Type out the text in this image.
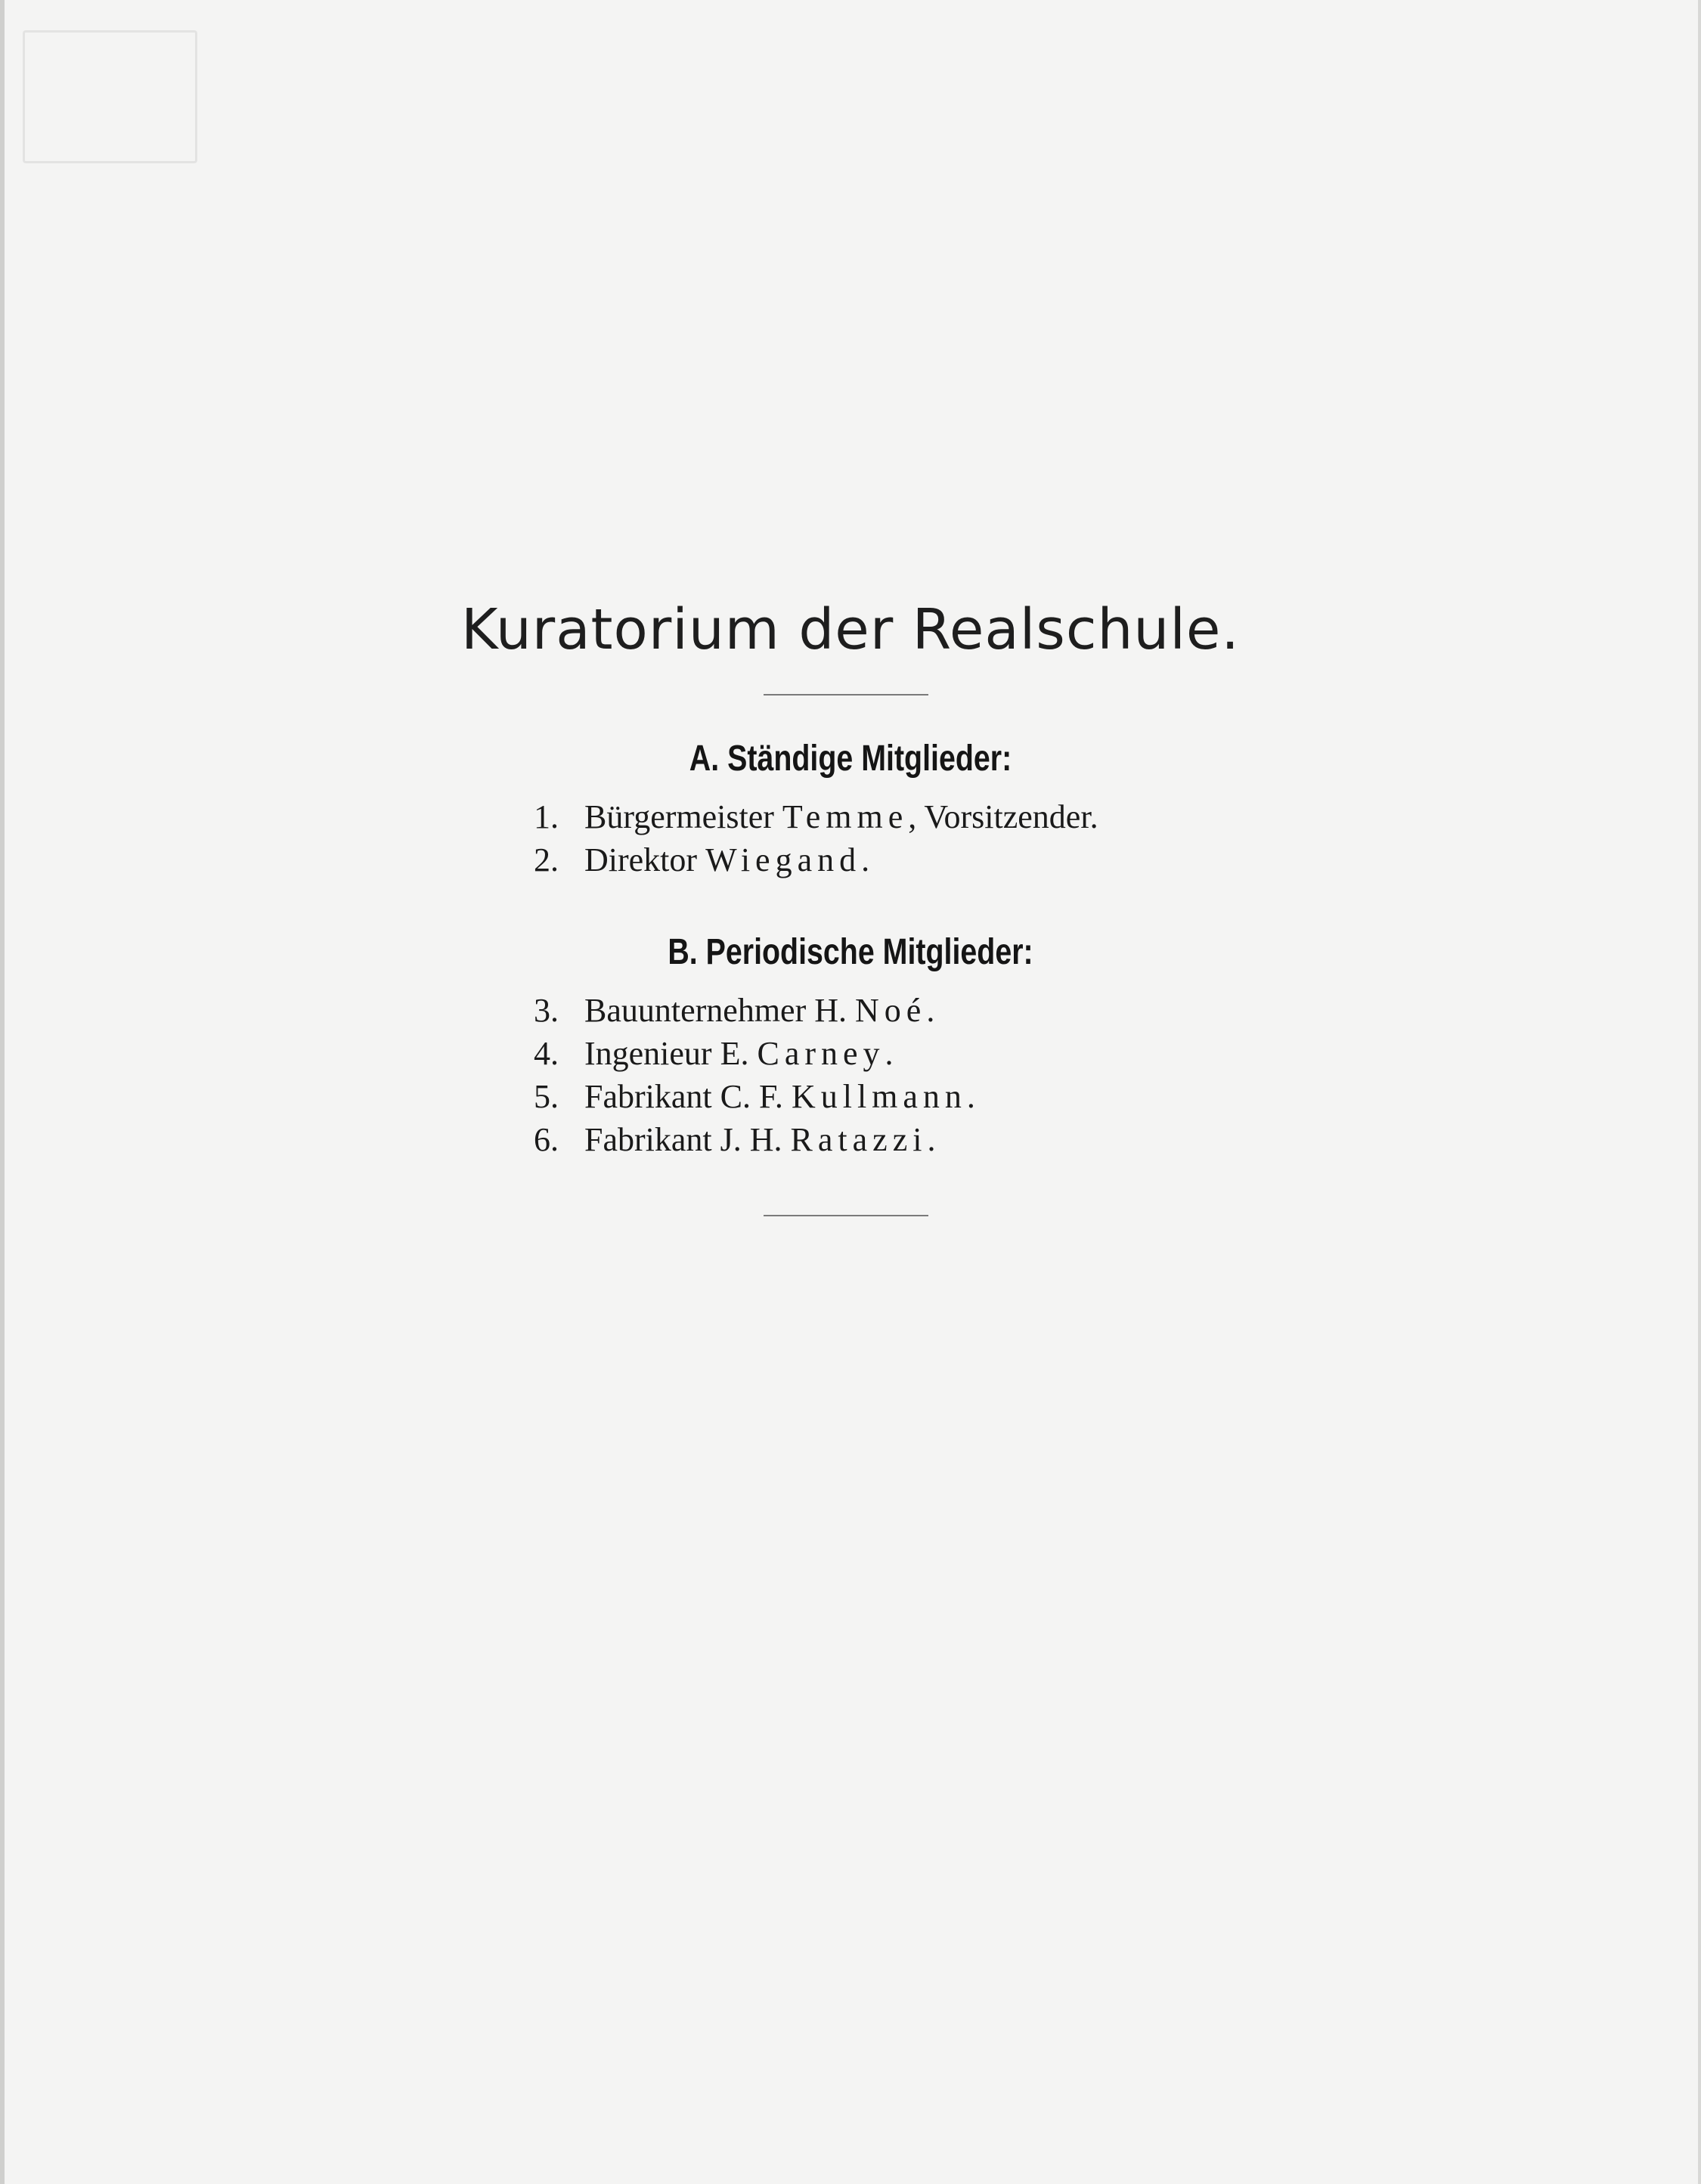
Kuratorium der Realschule.
A. Ständige Mitglieder:
1. Bürgermeister Temme, Vorsitzender.
2. Direktor Wiegand.
B. Periodische Mitglieder:
3. Bauunternehmer H. Noé.
4. Ingenieur E. Carney.
5. Fabrikant C. F. Kullmann.
6. Fabrikant J. H. Ratazzi.
